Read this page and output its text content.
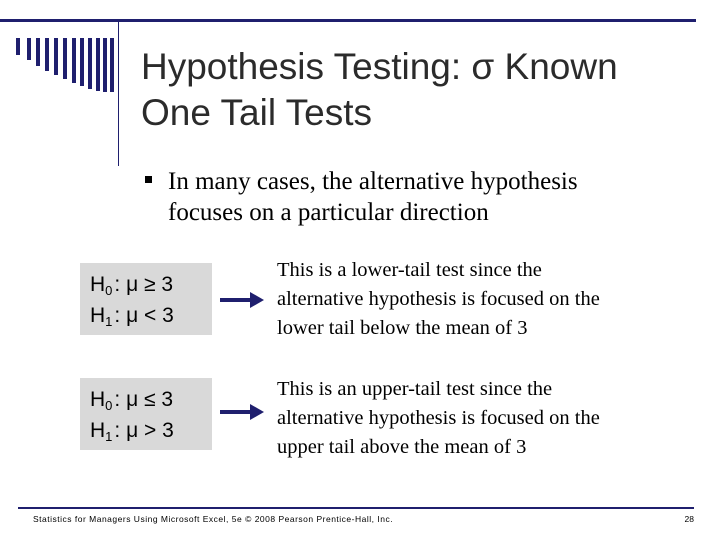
Hypothesis Testing: σ Known
One Tail Tests
In many cases, the alternative hypothesis
focuses on a particular direction
$H_0$: μ ≥ 3
$H_1$: μ < 3
This is a lower-tail test since the
alternative hypothesis is focused on the
lower tail below the mean of 3
$H_0$: μ ≤ 3
$H_1$: μ > 3
This is an upper-tail test since the
alternative hypothesis is focused on the
upper tail above the mean of 3
Statistics for Managers Using Microsoft Excel, 5e © 2008 Pearson Prentice-Hall, Inc.	28
